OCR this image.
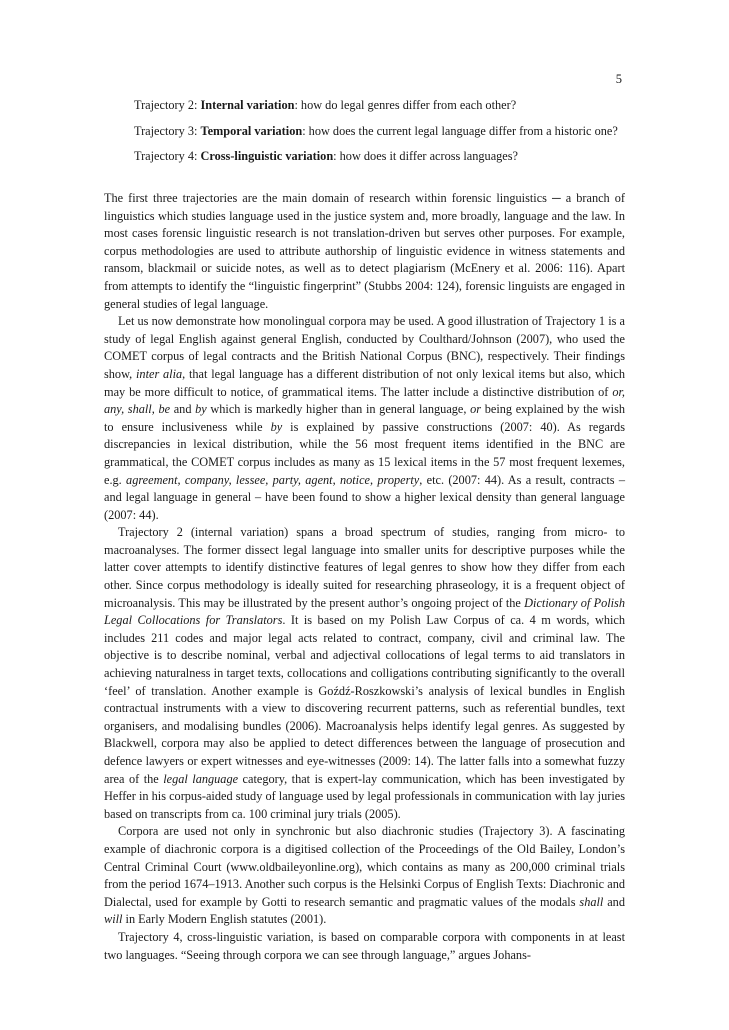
5

Trajectory 2: Internal variation: how do legal genres differ from each other?

Trajectory 3: Temporal variation: how does the current legal language differ from a historic one?

Trajectory 4: Cross-linguistic variation: how does it differ across languages?

The first three trajectories are the main domain of research within forensic linguistics ─ a branch of linguistics which studies language used in the justice system and, more broadly, language and the law. In most cases forensic linguistic research is not translation-driven but serves other purposes. For example, corpus methodologies are used to attribute authorship of linguistic evidence in witness statements and ransom, blackmail or suicide notes, as well as to detect plagiarism (McEnery et al. 2006: 116). Apart from attempts to identify the “linguistic fingerprint” (Stubbs 2004: 124), forensic linguists are engaged in general studies of legal language.

Let us now demonstrate how monolingual corpora may be used. A good illustration of Trajectory 1 is a study of legal English against general English, conducted by Coulthard/Johnson (2007), who used the COMET corpus of legal contracts and the British National Corpus (BNC), respectively. Their findings show, inter alia, that legal language has a different distribution of not only lexical items but also, which may be more difficult to notice, of grammatical items. The latter include a distinctive distribution of or, any, shall, be and by which is markedly higher than in general language, or being explained by the wish to ensure inclusiveness while by is explained by passive constructions (2007: 40). As regards discrepancies in lexical distribution, while the 56 most frequent items identified in the BNC are grammatical, the COMET corpus includes as many as 15 lexical items in the 57 most frequent lexemes, e.g. agreement, company, lessee, party, agent, notice, property, etc. (2007: 44). As a result, contracts – and legal language in general – have been found to show a higher lexical density than general language (2007: 44).

Trajectory 2 (internal variation) spans a broad spectrum of studies, ranging from micro- to macroanalyses. The former dissect legal language into smaller units for descriptive purposes while the latter cover attempts to identify distinctive features of legal genres to show how they differ from each other. Since corpus methodology is ideally suited for researching phraseology, it is a frequent object of microanalysis. This may be illustrated by the present author’s ongoing project of the Dictionary of Polish Legal Collocations for Translators. It is based on my Polish Law Corpus of ca. 4 m words, which includes 211 codes and major legal acts related to contract, company, civil and criminal law. The objective is to describe nominal, verbal and adjectival collocations of legal terms to aid translators in achieving naturalness in target texts, collocations and colligations contributing significantly to the overall ‘feel’ of translation. Another example is Goźdź-Roszkowski’s analysis of lexical bundles in English contractual instruments with a view to discovering recurrent patterns, such as referential bundles, text organisers, and modalising bundles (2006). Macroanalysis helps identify legal genres. As suggested by Blackwell, corpora may also be applied to detect differences between the language of prosecution and defence lawyers or expert witnesses and eye-witnesses (2009: 14). The latter falls into a somewhat fuzzy area of the legal language category, that is expert-lay communication, which has been investigated by Heffer in his corpus-aided study of language used by legal professionals in communication with lay juries based on transcripts from ca. 100 criminal jury trials (2005).

Corpora are used not only in synchronic but also diachronic studies (Trajectory 3). A fascinating example of diachronic corpora is a digitised collection of the Proceedings of the Old Bailey, London’s Central Criminal Court (www.oldbaileyonline.org), which contains as many as 200,000 criminal trials from the period 1674–1913. Another such corpus is the Helsinki Corpus of English Texts: Diachronic and Dialectal, used for example by Gotti to research semantic and pragmatic values of the modals shall and will in Early Modern English statutes (2001).

Trajectory 4, cross-linguistic variation, is based on comparable corpora with components in at least two languages. “Seeing through corpora we can see through language,” argues Johans-
